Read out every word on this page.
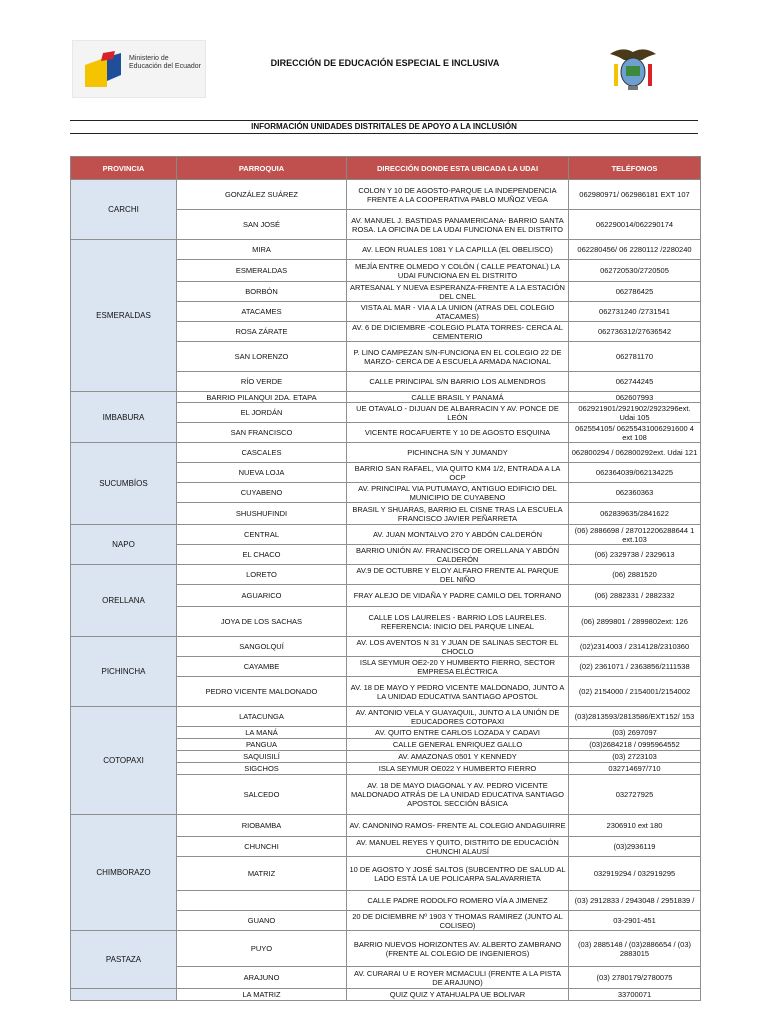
Ministerio de Educación del Ecuador	DIRECCIÓN DE EDUCACIÓN ESPECIAL E INCLUSIVA
INFORMACIÓN UNIDADES DISTRITALES DE APOYO A LA INCLUSIÓN
PROVINCIA	PARROQUIA	DIRECCIÓN DONDE ESTA UBICADA LA UDAI	TELÉFONOS
CARCHI	GONZÁLEZ SUÁREZ	COLON Y 10 DE AGOSTO-PARQUE LA INDEPENDENCIA FRENTE A LA COOPERATIVA PABLO MUÑOZ VEGA	062980971/ 062986181 EXT 107
	SAN JOSÉ	AV. MANUEL J. BASTIDAS PANAMERICANA- BARRIO SANTA ROSA. LA OFICINA DE LA UDAI FUNCIONA EN EL DISTRITO	062290014/062290174
ESMERALDAS	MIRA	AV. LEON RUALES 1081 Y LA CAPILLA (EL OBELISCO)	062280456/ 06 2280112 /2280240
	ESMERALDAS	MEJÍA ENTRE OLMEDO Y COLÓN ( CALLE PEATONAL) LA UDAI FUNCIONA EN EL DISTRITO	062720530/2720505
	BORBÓN	ARTESANAL Y NUEVA ESPERANZA-FRENTE A LA ESTACIÓN DEL CNEL	062786425
	ATACAMES	VISTA AL MAR - VIA A LA UNION (ATRAS DEL COLEGIO ATACAMES)	062731240 /2731541
	ROSA ZÁRATE	AV. 6 DE DICIEMBRE -COLEGIO PLATA TORRES- CERCA AL CEMENTERIO	062736312/27636542
	SAN LORENZO	P. LINO CAMPEZAN S/N-FUNCIONA EN EL COLEGIO 22 DE MARZO- CERCA DE A ESCUELA ARMADA NACIONAL	062781170
	RÍO VERDE	CALLE PRINCIPAL S/N BARRIO LOS ALMENDROS	062744245
IMBABURA	BARRIO PILANQUI 2DA. ETAPA	CALLE BRASIL Y PANAMÁ	062607993
	EL JORDÁN	UE OTAVALO - DIJUAN DE ALBARRACIN Y AV. PONCE DE LEÓN	062921901/2921902/2923296ext. Udai 105
	SAN FRANCISCO	VICENTE ROCAFUERTE Y 10 DE AGOSTO ESQUINA	062554105/ 06255431006291600 4 ext 108
SUCUMBÍOS	CASCALES	PICHINCHA S/N Y JUMANDY	062800294 / 062800292ext. Udai 121
	NUEVA LOJA	BARRIO SAN RAFAEL, VIA QUITO KM4 1/2, ENTRADA A LA OCP	062364039/062134225
	CUYABENO	AV. PRINCIPAL VIA PUTUMAYO, ANTIGUO EDIFICIO DEL MUNICIPIO DE CUYABENO	062360363
	SHUSHUFINDI	BRASIL Y SHUARAS, BARRIO EL CISNE TRAS LA ESCUELA FRANCISCO JAVIER PEÑARRETA	062839635/2841622
NAPO	CENTRAL	AV. JUAN MONTALVO 270 Y ABDÓN CALDERÓN	(06) 2886698 / 287012206288644 1 ext.103
	EL CHACO	BARRIO UNIÓN AV. FRANCISCO DE ORELLANA Y ABDÓN CALDERÓN	(06) 2329738 / 2329613
ORELLANA	LORETO	AV.9 DE OCTUBRE Y ELOY ALFARO FRENTE AL PARQUE DEL NIÑO	(06) 2881520
	AGUARICO	FRAY ALEJO DE VIDAÑA Y PADRE CAMILO DEL TORRANO	(06) 2882331 / 2882332
	JOYA DE LOS SACHAS	CALLE LOS LAURELES - BARRIO LOS LAURELES. REFERENCIA: INICIO DEL PARQUE LINEAL	(06) 2899801 / 2899802ext: 126
PICHINCHA	SANGOLQUÍ	AV. LOS AVENTOS N 31 Y JUAN DE SALINAS SECTOR EL CHOCLO	(02)2314003 / 2314128/2310360
	CAYAMBE	ISLA SEYMUR OE2-20 Y HUMBERTO FIERRO, SECTOR EMPRESA ELÉCTRICA	(02) 2361071 / 2363856/2111538
	PEDRO VICENTE MALDONADO	AV. 18 DE MAYO Y PEDRO VICENTE MALDONADO, JUNTO A LA UNIDAD EDUCATIVA SANTIAGO APOSTOL	(02) 2154000 / 2154001/2154002
COTOPAXI	LATACUNGA	AV. ANTONIO VELA Y GUAYAQUIL, JUNTO A LA UNIÓN DE EDUCADORES COTOPAXI	(03)2813593/2813586/EXT152/ 153
	LA MANÁ	AV. QUITO ENTRE CARLOS LOZADA Y CADAVI	(03) 2697097
	PANGUA	CALLE GENERAL ENRIQUEZ GALLO	(03)2684218 / 0995964552
	SAQUISILÍ	AV. AMAZONAS 0501 Y KENNEDY	(03) 2723103
	SIGCHOS	ISLA SEYMUR OE022 Y HUMBERTO FIERRO	032714697/710
	SALCEDO	AV. 18 DE MAYO DIAGONAL Y AV. PEDRO VICENTE MALDONADO ATRÁS DE LA UNIDAD EDUCATIVA SANTIAGO APOSTOL SECCIÓN BÁSICA	032727925
CHIMBORAZO	RIOBAMBA	AV. CANONINO RAMOS- FRENTE AL COLEGIO ANDAGUIRRE	2306910 ext 180
	CHUNCHI	AV. MANUEL REYES Y QUITO, DISTRITO DE EDUCACIÓN CHUNCHI ALAUSÍ	(03)2936119
	MATRIZ	10 DE AGOSTO Y JOSÉ SALTOS (SUBCENTRO DE SALUD AL LADO ESTÁ LA UE POLICARPA SALAVARRIETA	032919294 / 032919295
		CALLE PADRE RODOLFO ROMERO VÍA A JIMENEZ	(03) 2912833 / 2943048 / 2951839 /
	GUANO	20 DE DICIEMBRE Nº 1903 Y THOMAS RAMIREZ (JUNTO AL COLISEO)	03-2901-451
PASTAZA	PUYO	BARRIO NUEVOS HORIZONTES AV. ALBERTO ZAMBRANO (FRENTE AL COLEGIO DE INGENIEROS)	(03) 2885148 / (03)2886654 / (03) 2883015
	ARAJUNO	AV. CURARAI U E ROYER MCMACULI (FRENTE A LA PISTA DE ARAJUNO)	(03) 2780179/2780075
	LA MATRIZ	QUIZ QUIZ Y ATAHUALPA UE BOLIVAR	33700071
